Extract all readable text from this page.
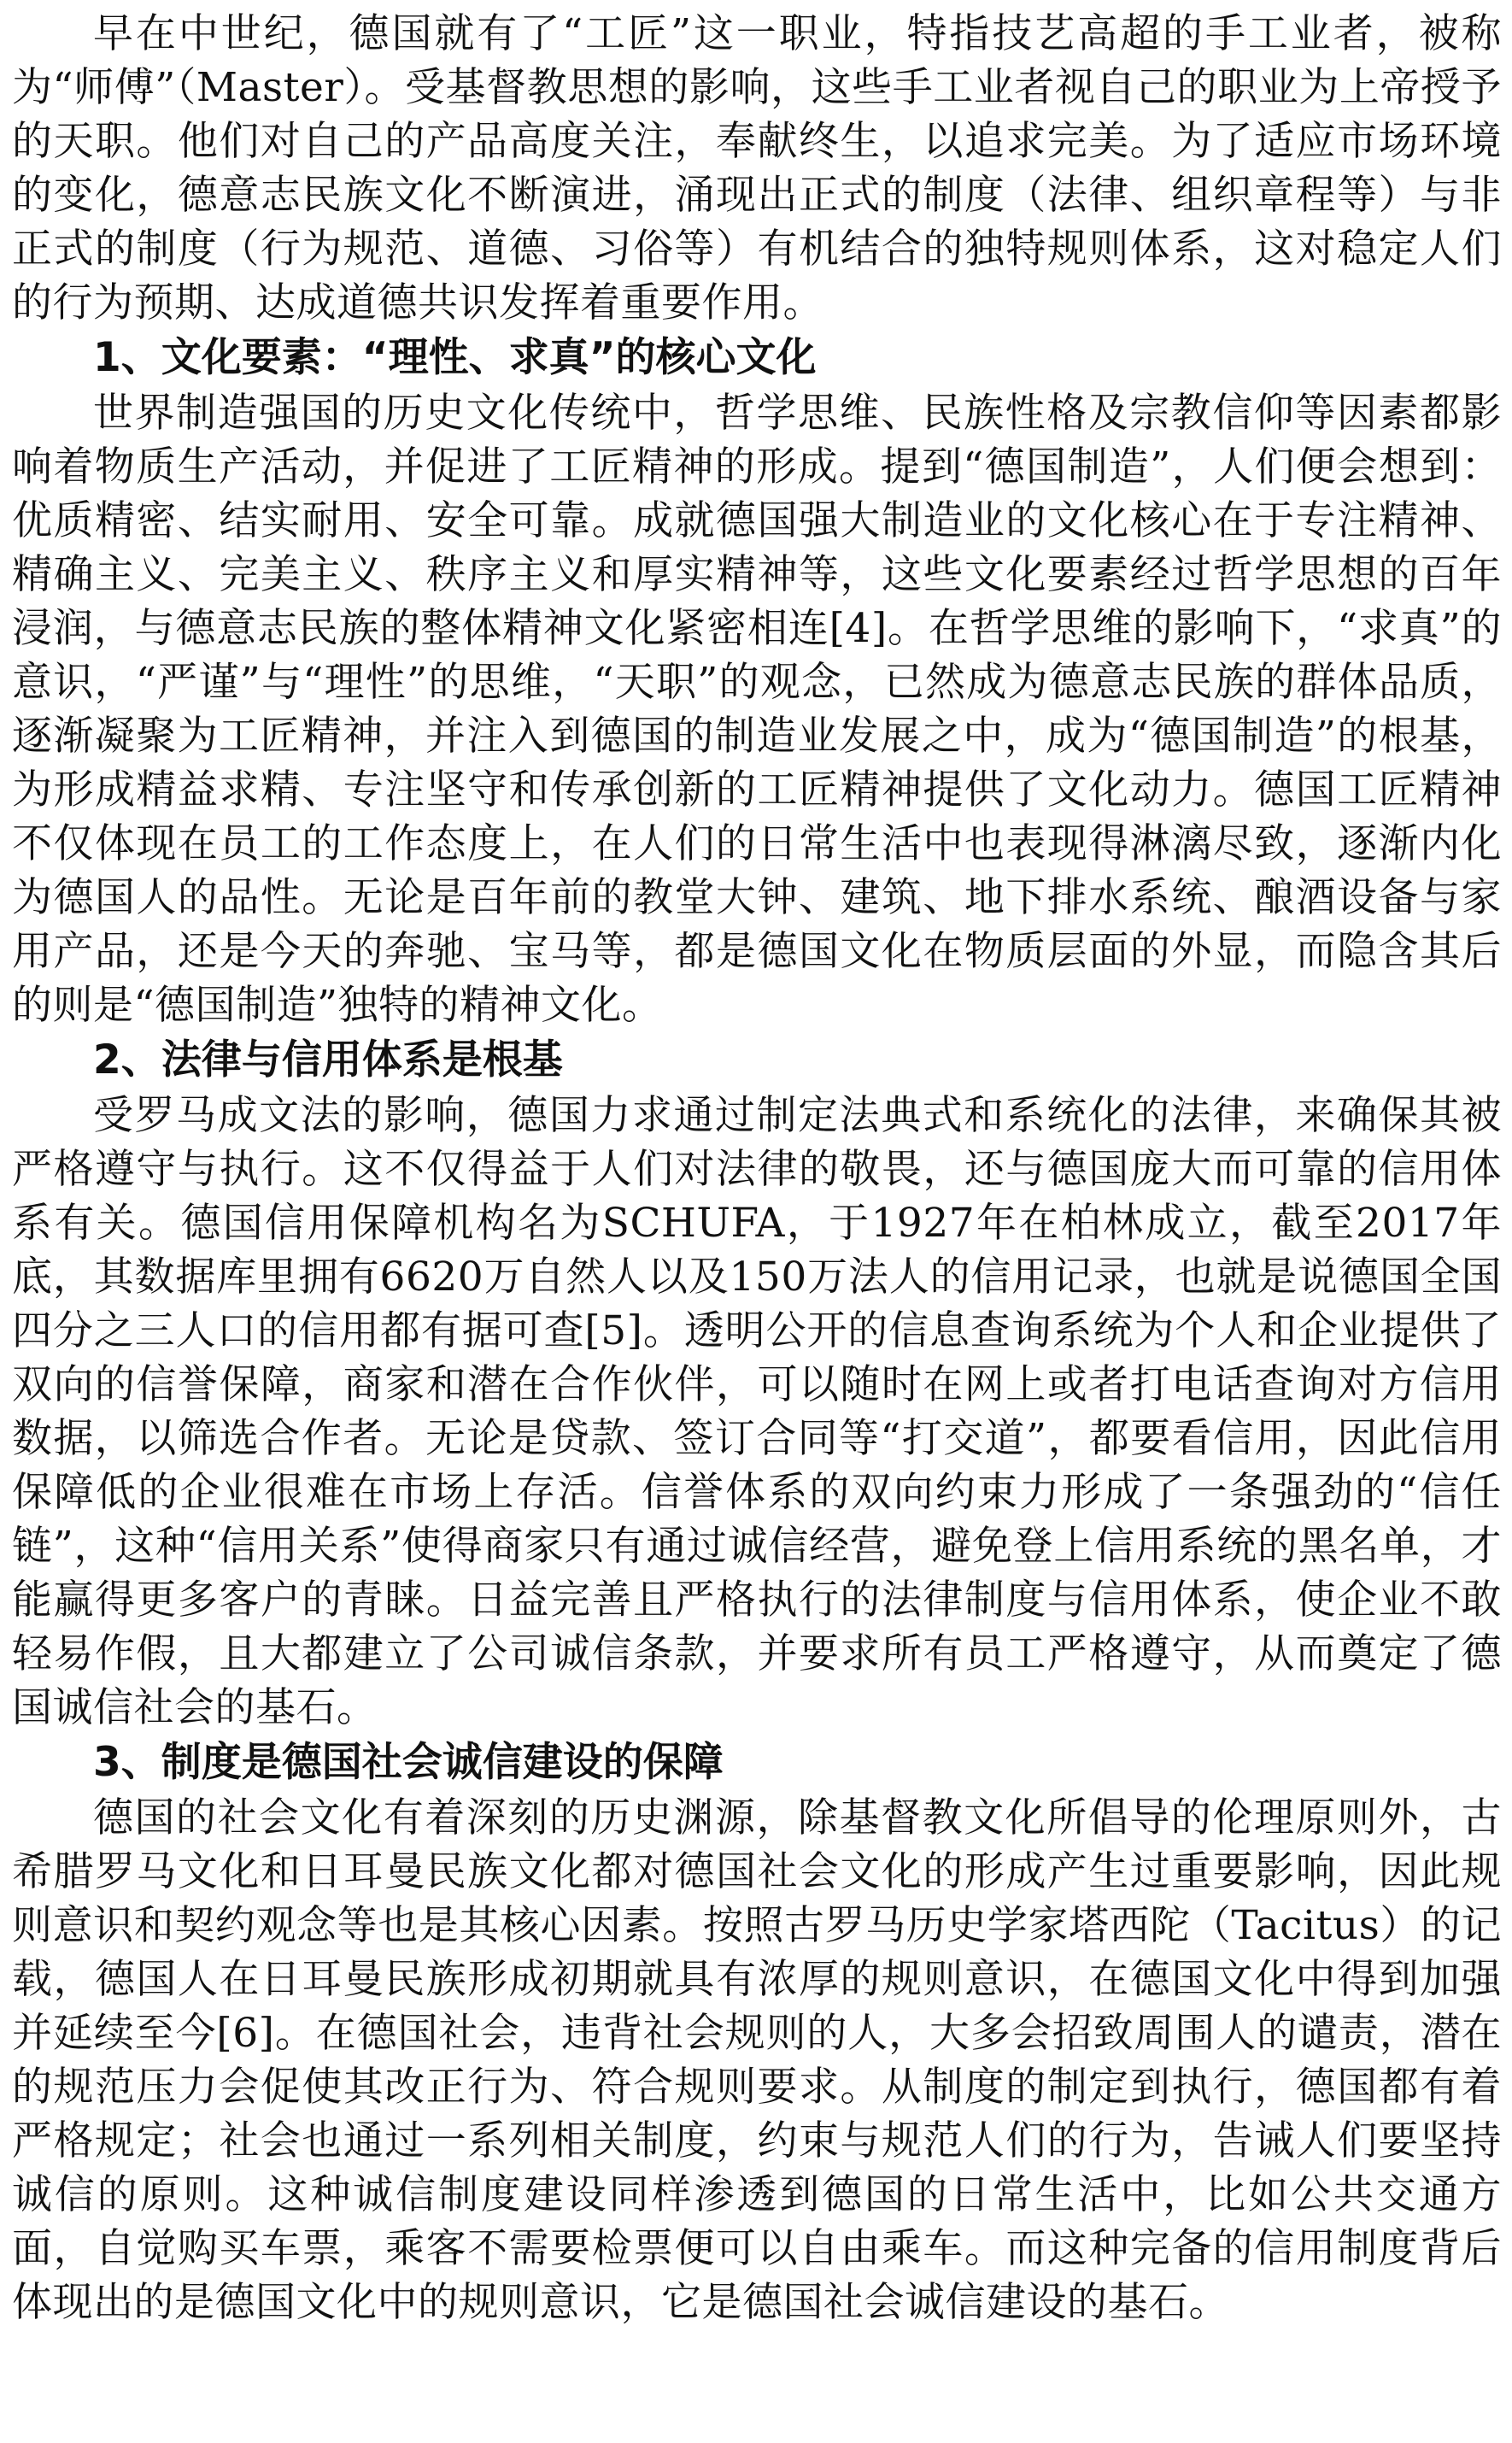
早在中世纪，德国就有了“工匠”这一职业，特指技艺高超的手工业者，被称为“师傅”（Master）。受基督教思想的影响，这些手工业者视自己的职业为上帝授予的天职。他们对自己的产品高度关注，奉献终生，以追求完美。为了适应市场环境的变化，德意志民族文化不断演进，涌现出正式的制度（法律、组织章程等）与非正式的制度（行为规范、道德、习俗等）有机结合的独特规则体系，这对稳定人们的行为预期、达成道德共识发挥着重要作用。

1、文化要素：“理性、求真”的核心文化

世界制造强国的历史文化传统中，哲学思维、民族性格及宗教信仰等因素都影响着物质生产活动，并促进了工匠精神的形成。提到“德国制造”，人们便会想到：优质精密、结实耐用、安全可靠。成就德国强大制造业的文化核心在于专注精神、精确主义、完美主义、秩序主义和厚实精神等，这些文化要素经过哲学思想的百年浸润，与德意志民族的整体精神文化紧密相连[4]。在哲学思维的影响下，“求真”的意识，“严谨”与“理性”的思维，“天职”的观念，已然成为德意志民族的群体品质，逐渐凝聚为工匠精神，并注入到德国的制造业发展之中，成为“德国制造”的根基，为形成精益求精、专注坚守和传承创新的工匠精神提供了文化动力。德国工匠精神不仅体现在员工的工作态度上，在人们的日常生活中也表现得淋漓尽致，逐渐内化为德国人的品性。无论是百年前的教堂大钟、建筑、地下排水系统、酿酒设备与家用产品，还是今天的奔驰、宝马等，都是德国文化在物质层面的外显，而隐含其后的则是“德国制造”独特的精神文化。

2、法律与信用体系是根基

受罗马成文法的影响，德国力求通过制定法典式和系统化的法律，来确保其被严格遵守与执行。这不仅得益于人们对法律的敬畏，还与德国庞大而可靠的信用体系有关。德国信用保障机构名为SCHUFA，于1927年在柏林成立，截至2017年底，其数据库里拥有6620万自然人以及150万法人的信用记录，也就是说德国全国四分之三人口的信用都有据可查[5]。透明公开的信息查询系统为个人和企业提供了双向的信誉保障，商家和潜在合作伙伴，可以随时在网上或者打电话查询对方信用数据，以筛选合作者。无论是贷款、签订合同等“打交道”，都要看信用，因此信用保障低的企业很难在市场上存活。信誉体系的双向约束力形成了一条强劲的“信任链”，这种“信用关系”使得商家只有通过诚信经营，避免登上信用系统的黑名单，才能赢得更多客户的青睐。日益完善且严格执行的法律制度与信用体系，使企业不敢轻易作假，且大都建立了公司诚信条款，并要求所有员工严格遵守，从而奠定了德国诚信社会的基石。

3、制度是德国社会诚信建设的保障

德国的社会文化有着深刻的历史渊源，除基督教文化所倡导的伦理原则外，古希腊罗马文化和日耳曼民族文化都对德国社会文化的形成产生过重要影响，因此规则意识和契约观念等也是其核心因素。按照古罗马历史学家塔西陀（Tacitus）的记载，德国人在日耳曼民族形成初期就具有浓厚的规则意识，在德国文化中得到加强并延续至今[6]。在德国社会，违背社会规则的人，大多会招致周围人的谴责，潜在的规范压力会促使其改正行为、符合规则要求。从制度的制定到执行，德国都有着严格规定；社会也通过一系列相关制度，约束与规范人们的行为，告诫人们要坚持诚信的原则。这种诚信制度建设同样渗透到德国的日常生活中，比如公共交通方面，自觉购买车票，乘客不需要检票便可以自由乘车。而这种完备的信用制度背后体现出的是德国文化中的规则意识，它是德国社会诚信建设的基石。
